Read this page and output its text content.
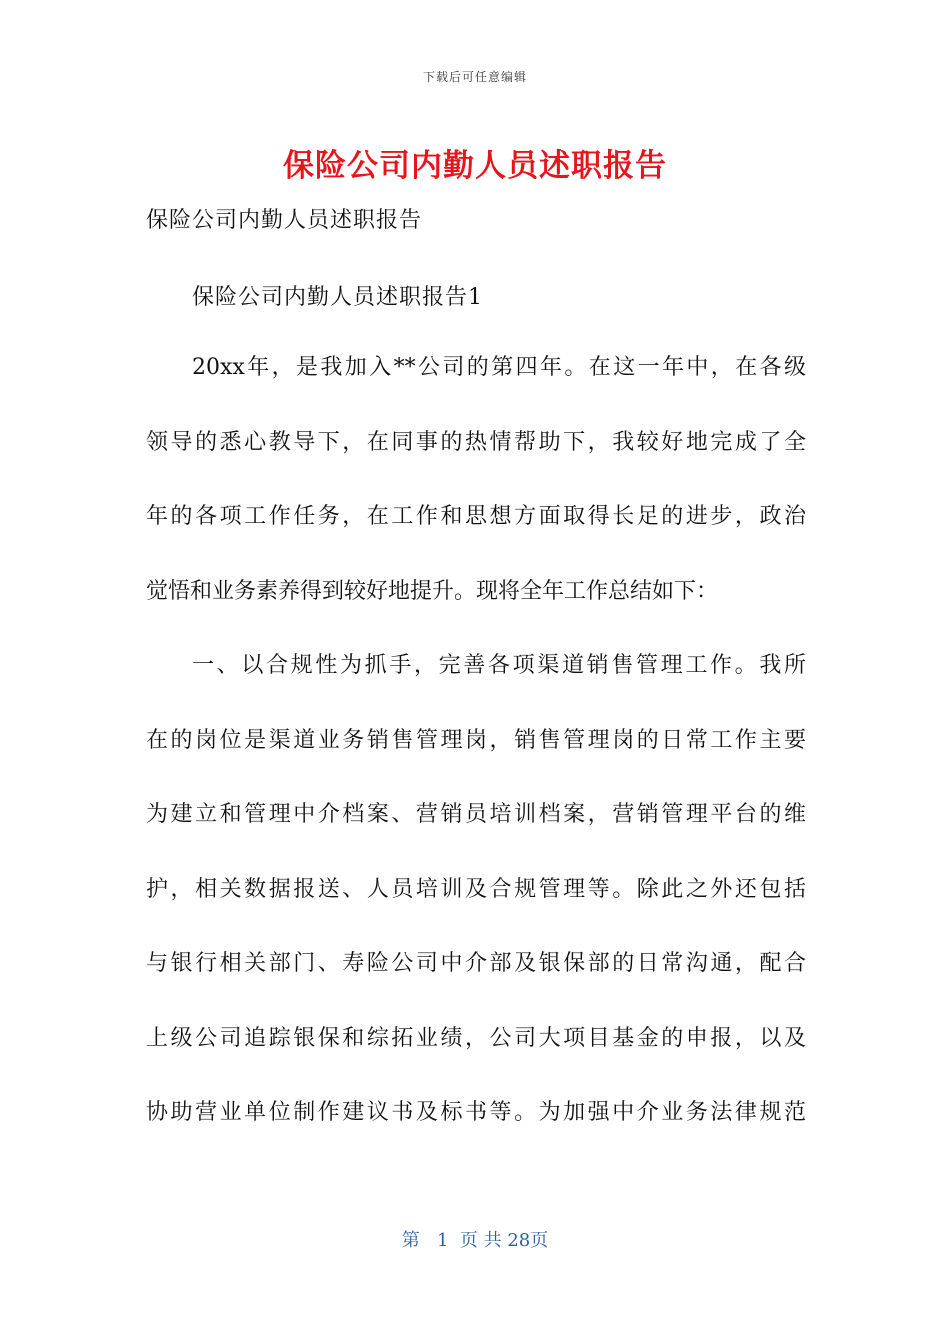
下载后可任意编辑
保险公司内勤人员述职报告
保险公司内勤人员述职报告
保险公司内勤人员述职报告1
20xx年，是我加入**公司的第四年。在这一年中，在各级
领导的悉心教导下，在同事的热情帮助下，我较好地完成了全
年的各项工作任务，在工作和思想方面取得长足的进步，政治
觉悟和业务素养得到较好地提升。现将全年工作总结如下：
一、以合规性为抓手，完善各项渠道销售管理工作。我所
在的岗位是渠道业务销售管理岗，销售管理岗的日常工作主要
为建立和管理中介档案、营销员培训档案，营销管理平台的维
护，相关数据报送、人员培训及合规管理等。除此之外还包括
与银行相关部门、寿险公司中介部及银保部的日常沟通，配合
上级公司追踪银保和综拓业绩，公司大项目基金的申报，以及
协助营业单位制作建议书及标书等。为加强中介业务法律规范
第 1 页 共 28页
